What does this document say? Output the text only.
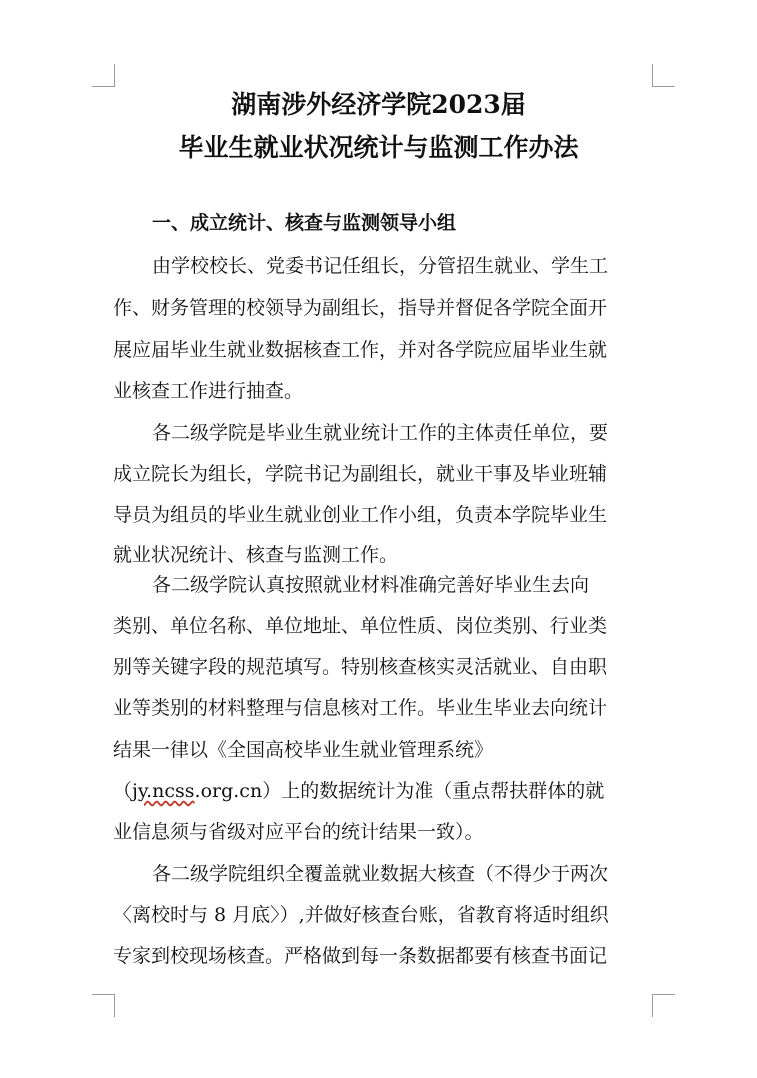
湖南涉外经济学院2023届
毕业生就业状况统计与监测工作办法
一、成立统计、核查与监测领导小组
由学校校长、党委书记任组长，分管招生就业、学生工
作、财务管理的校领导为副组长，指导并督促各学院全面开
展应届毕业生就业数据核查工作，并对各学院应届毕业生就
业核查工作进行抽查。
各二级学院是毕业生就业统计工作的主体责任单位，要
成立院长为组长，学院书记为副组长，就业干事及毕业班辅
导员为组员的毕业生就业创业工作小组，负责本学院毕业生
就业状况统计、核查与监测工作。
各二级学院认真按照就业材料准确完善好毕业生去向
类别、单位名称、单位地址、单位性质、岗位类别、行业类
别等关键字段的规范填写。特别核查核实灵活就业、自由职
业等类别的材料整理与信息核对工作。毕业生毕业去向统计
结果一律以《全国高校毕业生就业管理系统》
（jy.ncss.org.cn）上的数据统计为准（重点帮扶群体的就
业信息须与省级对应平台的统计结果一致）。
各二级学院组织全覆盖就业数据大核查（不得少于两次
〈离校时与 8 月底〉）,并做好核查台账，省教育将适时组织
专家到校现场核查。严格做到每一条数据都要有核查书面记
